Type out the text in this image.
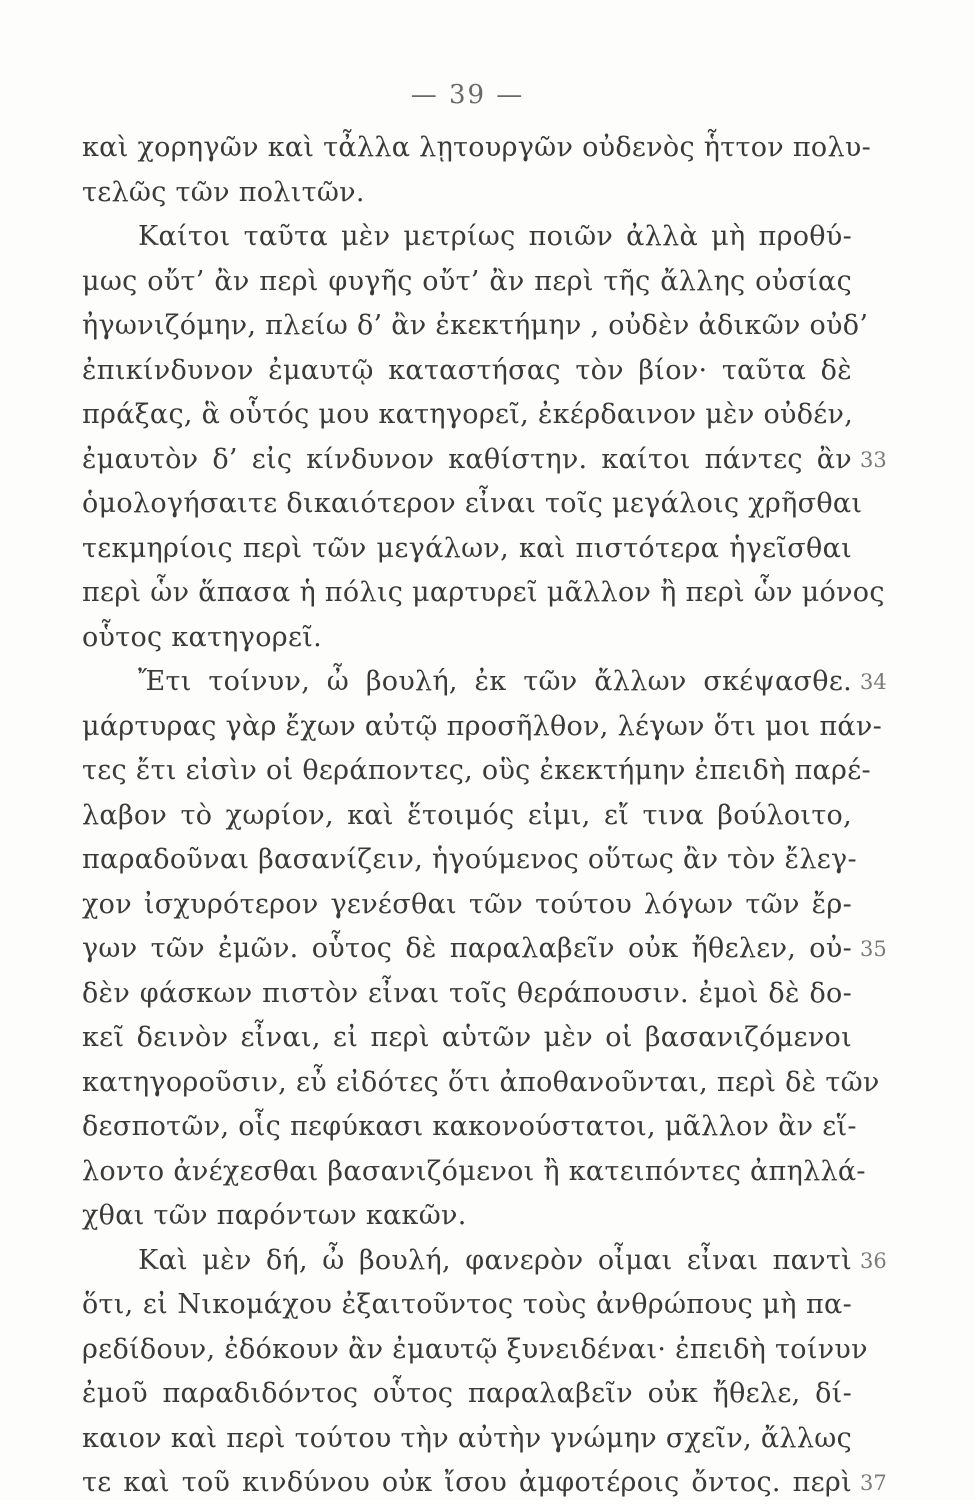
— 39 —
καὶ χορηγῶν καὶ τἆλλα λῃτουργῶν οὐδενὸς ἧττον πολυ-
τελῶς τῶν πολιτῶν.
Καίτοι ταῦτα μὲν μετρίως ποιῶν ἀλλὰ μὴ προθύ-
μως οὔτ’ ἂν περὶ φυγῆς οὔτ’ ἂν περὶ τῆς ἄλλης οὐσίας
ἠγωνιζόμην, πλείω δ’ ἂν ἐκεκτήμην , οὐδὲν ἀδικῶν οὐδ’
ἐπικίνδυνον ἐμαυτῷ καταστήσας τὸν βίον· ταῦτα δὲ
πράξας, ἃ οὗτός μου κατηγορεῖ, ἐκέρδαινον μὲν οὐδέν,
ἐμαυτὸν δ’ εἰς κίνδυνον καθίστην. καίτοι πάντες ἂν
ὁμολογήσαιτε δικαιότερον εἶναι τοῖς μεγάλοις χρῆσθαι
τεκμηρίοις περὶ τῶν μεγάλων, καὶ πιστότερα ἡγεῖσθαι
περὶ ὧν ἅπασα ἡ πόλις μαρτυρεῖ μᾶλλον ἢ περὶ ὧν μόνος
οὗτος κατηγορεῖ.
Ἔτι τοίνυν, ὦ βουλή, ἐκ τῶν ἄλλων σκέψασθε.
μάρτυρας γὰρ ἔχων αὐτῷ προσῆλθον, λέγων ὅτι μοι πάν-
τες ἔτι εἰσὶν οἱ θεράποντες, οὓς ἐκεκτήμην ἐπειδὴ παρέ-
λαβον τὸ χωρίον, καὶ ἕτοιμός εἰμι, εἴ τινα βούλοιτο,
παραδοῦναι βασανίζειν, ἡγούμενος οὕτως ἂν τὸν ἔλεγ-
χον ἰσχυρότερον γενέσθαι τῶν τούτου λόγων τῶν ἔρ-
γων τῶν ἐμῶν. οὗτος δὲ παραλαβεῖν οὐκ ἤθελεν, οὐ-
δὲν φάσκων πιστὸν εἶναι τοῖς θεράπουσιν. ἐμοὶ δὲ δο-
κεῖ δεινὸν εἶναι, εἰ περὶ αὑτῶν μὲν οἱ βασανιζόμενοι
κατηγοροῦσιν, εὖ εἰδότες ὅτι ἀποθανοῦνται, περὶ δὲ τῶν
δεσποτῶν, οἷς πεφύκασι κακονούστατοι, μᾶλλον ἂν εἵ-
λοντο ἀνέχεσθαι βασανιζόμενοι ἢ κατειπόντες ἀπηλλά-
χθαι τῶν παρόντων κακῶν.
Καὶ μὲν δή, ὦ βουλή, φανερὸν οἶμαι εἶναι παντὶ
ὅτι, εἰ Νικομάχου ἐξαιτοῦντος τοὺς ἀνθρώπους μὴ πα-
ρεδίδουν, ἐδόκουν ἂν ἐμαυτῷ ξυνειδέναι· ἐπειδὴ τοίνυν
ἐμοῦ παραδιδόντος οὗτος παραλαβεῖν οὐκ ἤθελε, δί-
καιον καὶ περὶ τούτου τὴν αὐτὴν γνώμην σχεῖν, ἄλλως
τε καὶ τοῦ κινδύνου οὐκ ἴσου ἀμφοτέροις ὄντος. περὶ
33
34
35
36
37
